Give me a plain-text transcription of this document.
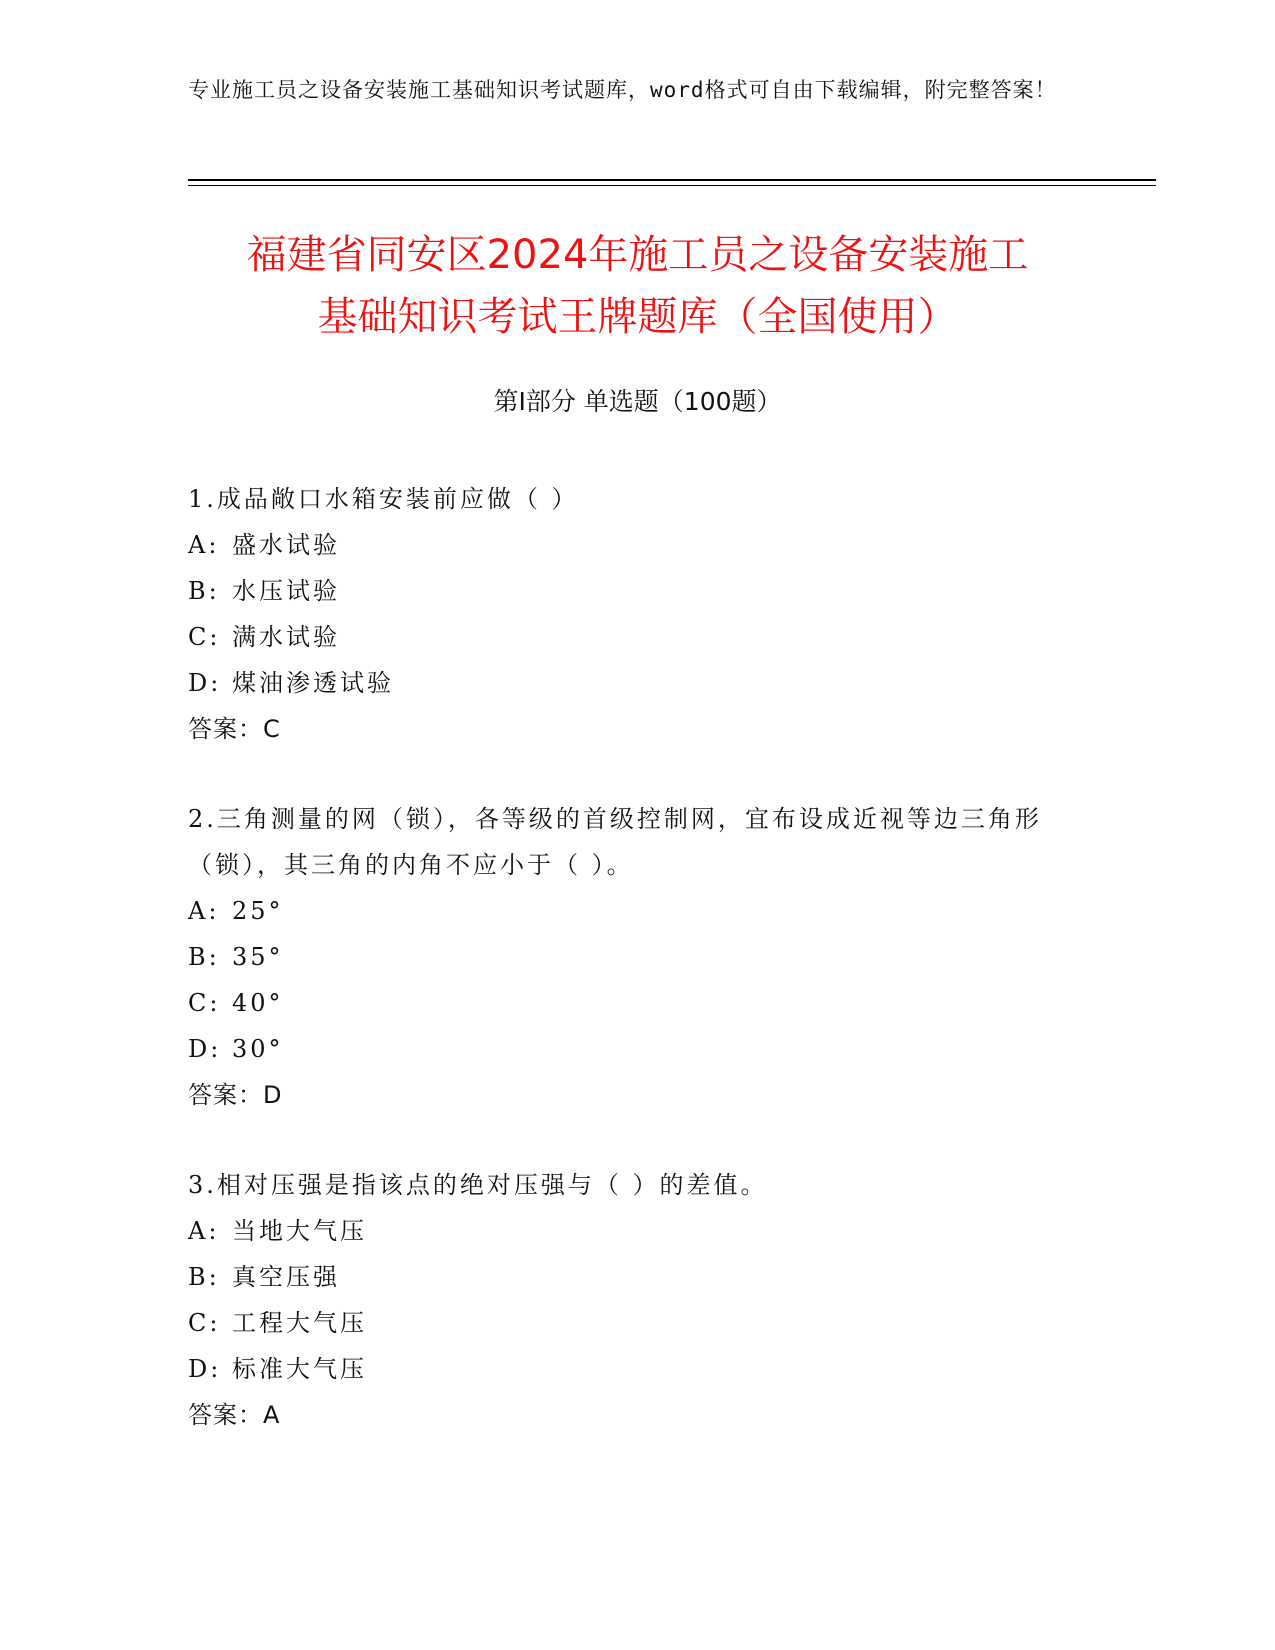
专业施工员之设备安装施工基础知识考试题库，word格式可自由下载编辑，附完整答案！
福建省同安区2024年施工员之设备安装施工
基础知识考试王牌题库（全国使用）
第Ⅰ部分 单选题（100题）
1.成品敞口水箱安装前应做（ ）
A: 盛水试验
B: 水压试验
C: 满水试验
D: 煤油渗透试验
答案：C
2.三角测量的网（锁），各等级的首级控制网，宜布设成近视等边三角形（锁），其三角的内角不应小于（ ）。
A: 25°
B: 35°
C: 40°
D: 30°
答案：D
3.相对压强是指该点的绝对压强与（ ）的差值。
A: 当地大气压
B: 真空压强
C: 工程大气压
D: 标准大气压
答案：A
